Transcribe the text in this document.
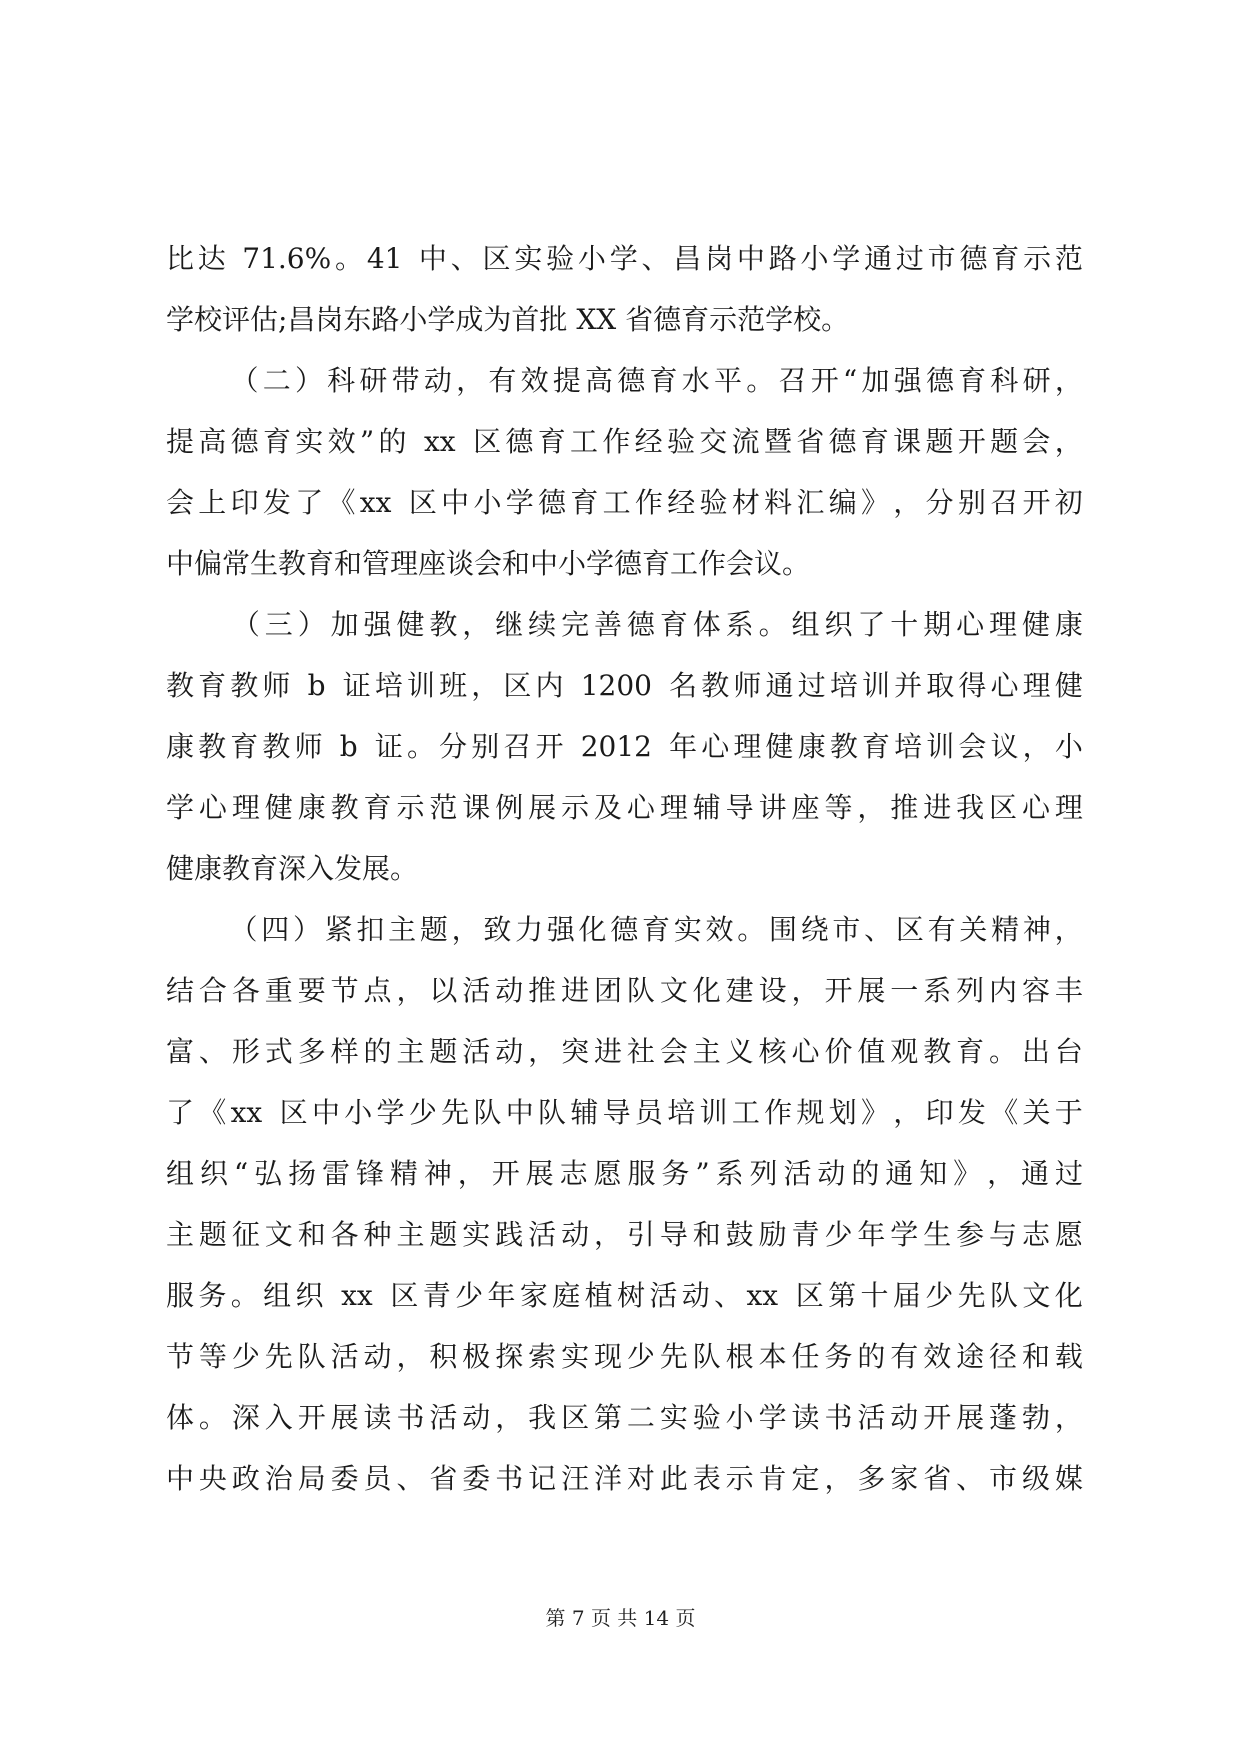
比 达
71.6% 。 41
中 、 区 实 验 小 学 、 昌 岗 中 路 小 学 通 过 市 德 育 示 范
学校评估;昌岗东路小学成为首批 XX 省德育示范学校。

（ 二 ） 科 研 带 动 ， 有 效 提 高 德 育 水 平 。 召 开 “ 加 强 德 育 科 研 ，
提 高 德 育 实 效 ” 的
xx
区 德 育 工 作 经 验 交 流 暨 省 德 育 课 题 开 题 会 ，
会 上 印 发 了 《 xx
区 中 小 学 德 育 工 作 经 验 材 料 汇 编 》 ， 分 别 召 开 初
中偏常生教育和管理座谈会和中小学德育工作会议。

（ 三 ） 加 强 健 教 ， 继 续 完 善 德 育 体 系 。 组 织 了 十 期 心 理 健 康
教 育 教 师
b
证 培 训 班 ， 区 内
1200
名 教 师 通 过 培 训 并 取 得 心 理 健
康 教 育 教 师
b
证 。 分 别 召 开
2012
年 心 理 健 康 教 育 培 训 会 议 ， 小
学 心 理 健 康 教 育 示 范 课 例 展 示 及 心 理 辅 导 讲 座 等 ， 推 进 我 区 心 理
健康教育深入发展。

（ 四 ） 紧 扣 主 题 ， 致 力 强 化 德 育 实 效 。 围 绕 市 、 区 有 关 精 神 ，
结 合 各 重 要 节 点 ， 以 活 动 推 进 团 队 文 化 建 设 ， 开 展 一 系 列 内 容 丰
富 、 形 式 多 样 的 主 题 活 动 ， 突 进 社 会 主 义 核 心 价 值 观 教 育 。 出 台
了 《 xx
区 中 小 学 少 先 队 中 队 辅 导 员 培 训 工 作 规 划 》 ， 印 发 《 关 于
组 织 “ 弘 扬 雷 锋 精 神 ， 开 展 志 愿 服 务 ” 系 列 活 动 的 通 知 》 ， 通 过
主 题 征 文 和 各 种 主 题 实 践 活 动 ， 引 导 和 鼓 励 青 少 年 学 生 参 与 志 愿
服 务 。 组 织
xx
区 青 少 年 家 庭 植 树 活 动 、 xx
区 第 十 届 少 先 队 文 化
节 等 少 先 队 活 动 ， 积 极 探 索 实 现 少 先 队 根 本 任 务 的 有 效 途 径 和 载
体 。 深 入 开 展 读 书 活 动 ， 我 区 第 二 实 验 小 学 读 书 活 动 开 展 蓬 勃 ，
中 央 政 治 局 委 员 、 省 委 书 记 汪 洋 对 此 表 示 肯 定 ， 多 家 省 、 市 级 媒
第 7 页 共 14 页
